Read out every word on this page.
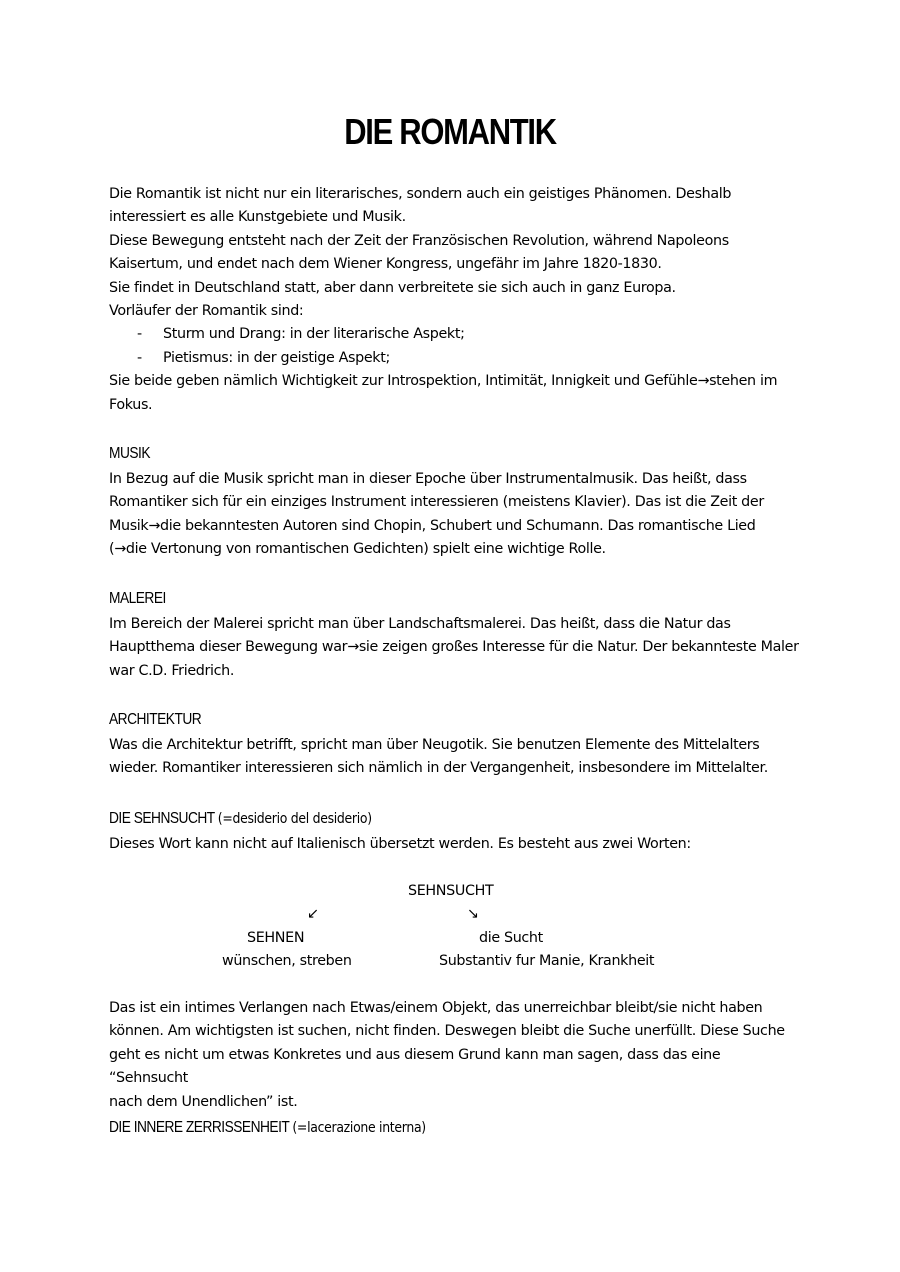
DIE ROMANTIK

Die Romantik ist nicht nur ein literarisches, sondern auch ein geistiges Phänomen. Deshalb

interessiert es alle Kunstgebiete und Musik.

Diese Bewegung entsteht nach der Zeit der Französischen Revolution, während Napoleons

Kaisertum, und endet nach dem Wiener Kongress, ungefähr im Jahre 1820-1830.

Sie findet in Deutschland statt, aber dann verbreitete sie sich auch in ganz Europa.

Vorläufer der Romantik sind:

- Sturm und Drang: in der literarische Aspekt;
- Pietismus: in der geistige Aspekt;

Sie beide geben nämlich Wichtigkeit zur Introspektion, Intimität, Innigkeit und Gefühle→stehen im

Fokus.

MUSIK

In Bezug auf die Musik spricht man in dieser Epoche über Instrumentalmusik. Das heißt, dass

Romantiker sich für ein einziges Instrument interessieren (meistens Klavier). Das ist die Zeit der

Musik→die bekanntesten Autoren sind Chopin, Schubert und Schumann. Das romantische Lied

(→die Vertonung von romantischen Gedichten) spielt eine wichtige Rolle.

MALEREI

Im Bereich der Malerei spricht man über Landschaftsmalerei. Das heißt, dass die Natur das

Hauptthema dieser Bewegung war→sie zeigen großes Interesse für die Natur. Der bekannteste Maler

war C.D. Friedrich.

ARCHITEKTUR

Was die Architektur betrifft, spricht man über Neugotik. Sie benutzen Elemente des Mittelalters

wieder. Romantiker interessieren sich nämlich in der Vergangenheit, insbesondere im Mittelalter.

DIE SEHNSUCHT (=desiderio del desiderio)

Dieses Wort kann nicht auf Italienisch übersetzt werden. Es besteht aus zwei Worten:

SEHNSUCHT
↙	↘
SEHNEN	die Sucht
wünschen, streben	Substantiv fur Manie, Krankheit

Das ist ein intimes Verlangen nach Etwas/einem Objekt, das unerreichbar bleibt/sie nicht haben

können. Am wichtigsten ist suchen, nicht finden. Deswegen bleibt die Suche unerfüllt. Diese Suche

geht es nicht um etwas Konkretes und aus diesem Grund kann man sagen, dass das eine “Sehnsucht

nach dem Unendlichen” ist.

DIE INNERE ZERRISSENHEIT (=lacerazione interna)
